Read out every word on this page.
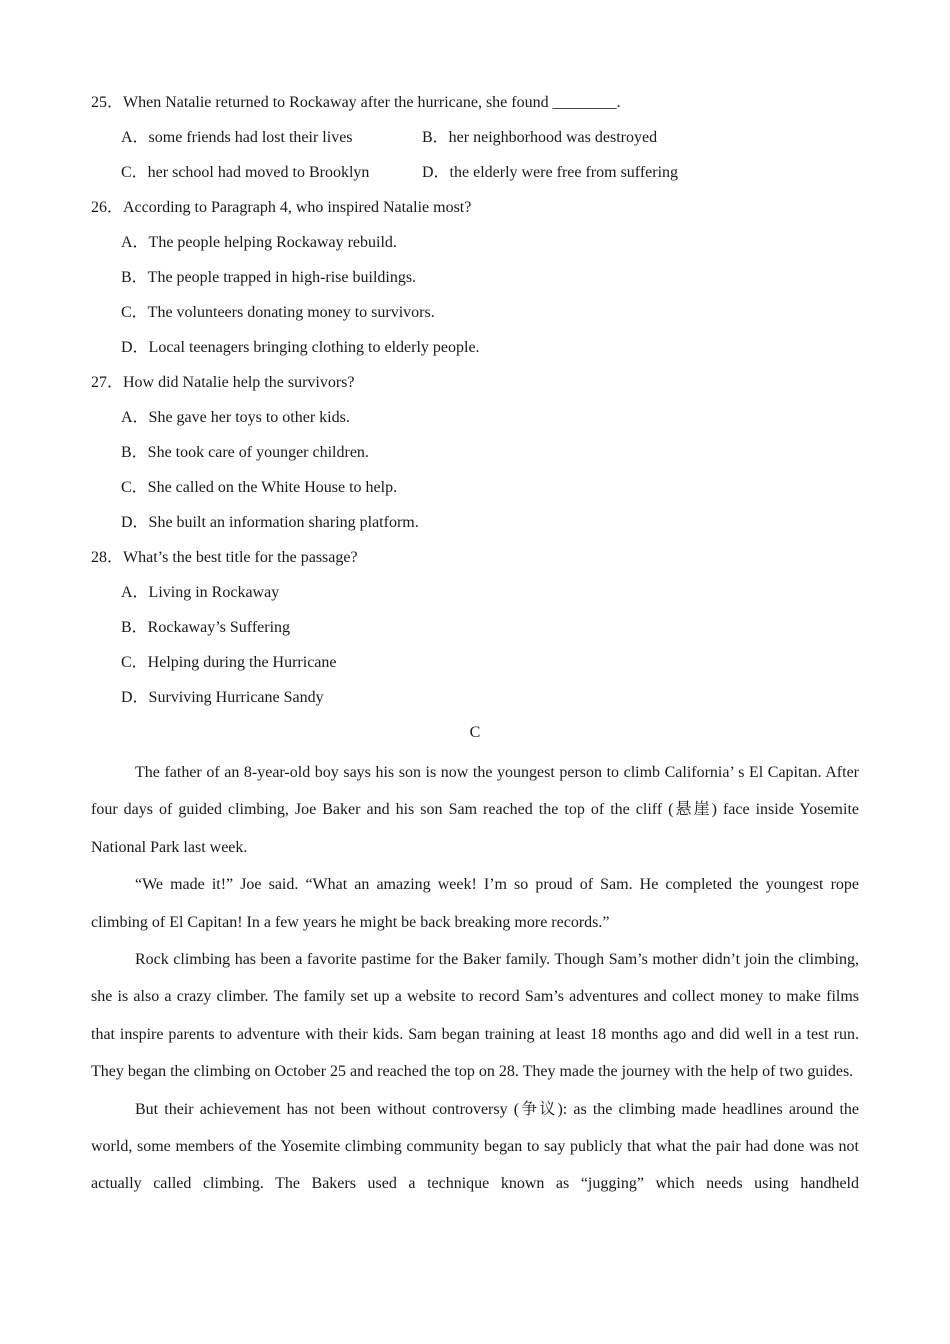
25．When Natalie returned to Rockaway after the hurricane, she found ________.
A．some friends had lost their lives	B．her neighborhood was destroyed
C．her school had moved to Brooklyn	D．the elderly were free from suffering
26．According to Paragraph 4, who inspired Natalie most?
A．The people helping Rockaway rebuild.
B．The people trapped in high-rise buildings.
C．The volunteers donating money to survivors.
D．Local teenagers bringing clothing to elderly people.
27．How did Natalie help the survivors?
A．She gave her toys to other kids.
B．She took care of younger children.
C．She called on the White House to help.
D．She built an information sharing platform.
28．What’s the best title for the passage?
A．Living in Rockaway
B．Rockaway’s Suffering
C．Helping during the Hurricane
D．Surviving Hurricane Sandy
C

The father of an 8-year-old boy says his son is now the youngest person to climb California’ s El Capitan. After four days of guided climbing, Joe Baker and his son Sam reached the top of the cliff (悬崖) face inside Yosemite National Park last week.

“We made it!” Joe said. “What an amazing week! I’m so proud of Sam. He completed the youngest rope climbing of El Capitan! In a few years he might be back breaking more records.”

Rock climbing has been a favorite pastime for the Baker family. Though Sam’s mother didn’t join the climbing, she is also a crazy climber. The family set up a website to record Sam’s adventures and collect money to make films that inspire parents to adventure with their kids. Sam began training at least 18 months ago and did well in a test run. They began the climbing on October 25 and reached the top on 28. They made the journey with the help of two guides.

But their achievement has not been without controversy (争议): as the climbing made headlines around the world, some members of the Yosemite climbing community began to say publicly that what the pair had done was not actually called climbing. The Bakers used a technique known as “jugging” which needs using handheld
